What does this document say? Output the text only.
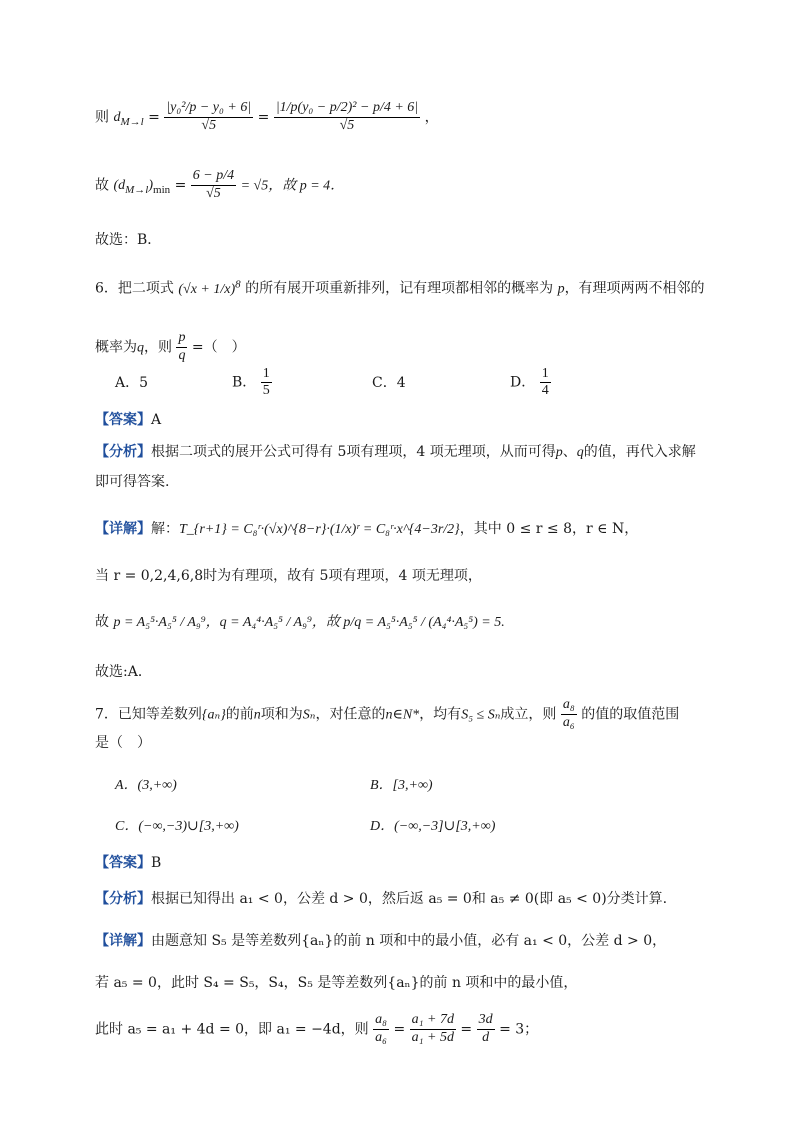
则 $d_{M\to l} = \frac{\text{|y₀²/p − y₀ + 6|}}{√5} = \frac{\text{|1/p(y₀ − p/2)² − p/4 + 6|}}{√5}$ ，
故 $(d_{M\to l})_{min} = \frac{6 - p/4}{√5} = √5$，故 p = 4．
故选：B．
6．把二项式 $(√x + 1/x)^8$ 的所有展开项重新排列，记有理项都相邻的概率为 p，有理项两两不相邻的
概率为q，则 $\frac{p}{q}$ =（　）
A．5	B． $\frac{1}{5}$	C．4	D． $\frac{1}{4}$
【答案】A
【分析】根据二项式的展开公式可得有 5项有理项，4 项无理项，从而可得p、q的值，再代入求解
即可得答案.
【详解】解：T_{r+1} = C₈ʳ·(√x)^{8−r}·(1/x)ʳ = C₈ʳ·x^{4−3r/2}，其中 0 ≤ r ≤ 8，r ∈ N，
当 r = 0,2,4,6,8时为有理项，故有 5项有理项，4 项无理项，
故 p = A₅⁵·A₅⁵ / A₉⁹，q = A₄⁴·A₅⁵ / A₉⁹，故 p/q = A₅⁵·A₅⁵ / (A₄⁴·A₅⁵) = 5.
故选:A．
7．已知等差数列{aₙ}的前n项和为Sₙ，对任意的n∈N*，均有S₅ ≤ Sₙ成立，则 $\frac{\text{a₈}}{\text{a₆}}$ 的值的取值范围
是（　）
A．(3,+∞)	B．[3,+∞)
C．(−∞,−3)∪[3,+∞)	D．(−∞,−3]∪[3,+∞)
【答案】B
【分析】根据已知得出 a₁ < 0，公差 d > 0，然后返 a₅ = 0和 a₅ ≠ 0(即 a₅ < 0)分类计算.
【详解】由题意知 S₅ 是等差数列{aₙ}的前 n 项和中的最小值，必有 a₁ < 0，公差 d > 0，
若 a₅ = 0，此时 S₄ = S₅，S₄，S₅ 是等差数列{aₙ}的前 n 项和中的最小值，
此时 a₅ = a₁ + 4d = 0，即 a₁ = −4d，则 $\frac{\text{a₈}}{\text{a₆}} = \frac{\text{a₁ + 7d}}{\text{a₁ + 5d}} = \frac{3d}{d} = 3$；
